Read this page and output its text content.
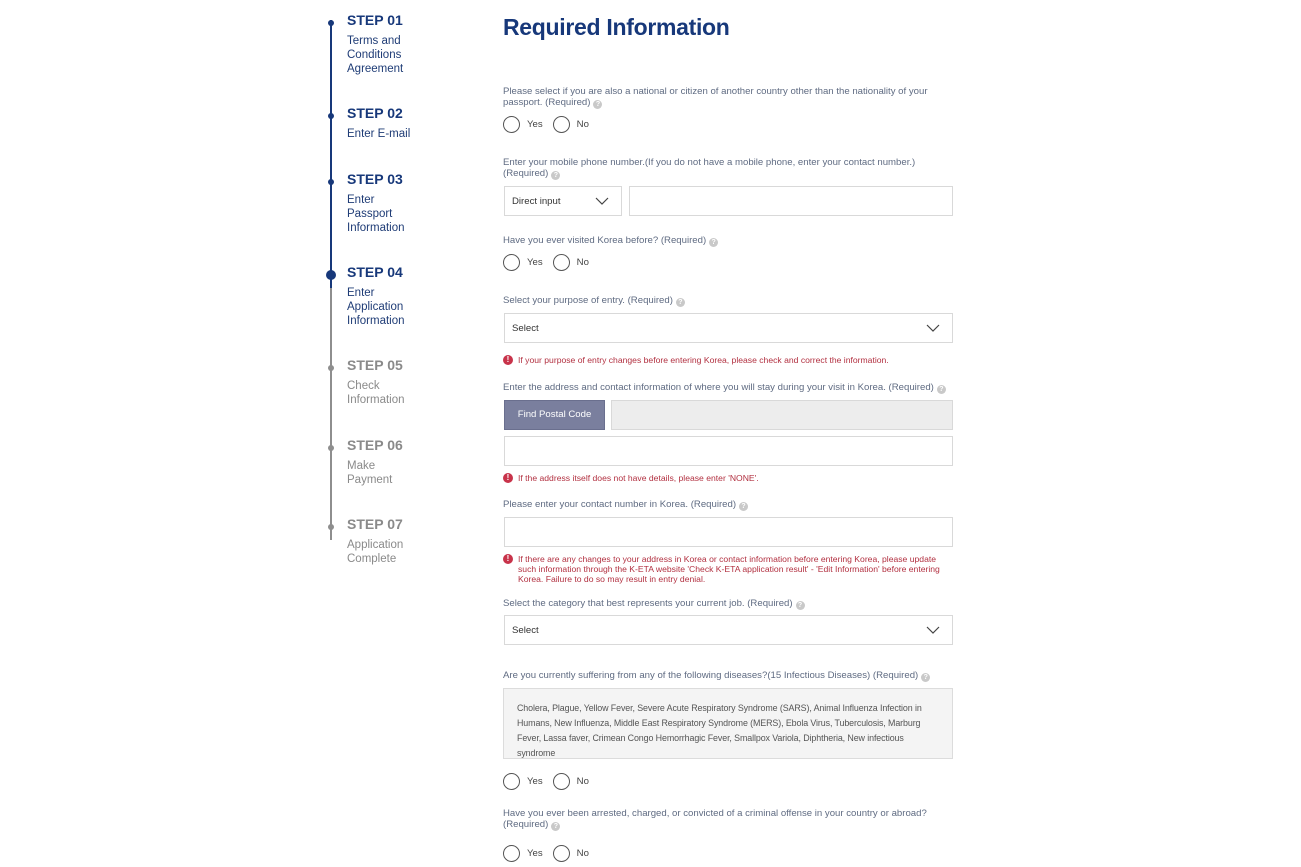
STEP 01
Terms and Conditions Agreement
STEP 02
Enter E-mail
STEP 03
Enter Passport Information
STEP 04
Enter Application Information
STEP 05
Check Information
STEP 06
Make Payment
STEP 07
Application Complete
Required Information
Please select if you are also a national or citizen of another country other than the nationality of your passport. (Required) ?
Yes	No
Enter your mobile phone number.(If you do not have a mobile phone, enter your contact number.) (Required) ?
Direct input
Have you ever visited Korea before? (Required) ?
Yes	No
Select your purpose of entry. (Required) ?
Select
!	If your purpose of entry changes before entering Korea, please check and correct the information.
Enter the address and contact information of where you will stay during your visit in Korea. (Required) ?
Find Postal Code
!	If the address itself does not have details, please enter 'NONE'.
Please enter your contact number in Korea. (Required) ?
!	If there are any changes to your address in Korea or contact information before entering Korea, please update such information through the K-ETA website 'Check K-ETA application result' - 'Edit Information' before entering Korea. Failure to do so may result in entry denial.
Select the category that best represents your current job. (Required) ?
Select
Are you currently suffering from any of the following diseases?(15 Infectious Diseases) (Required) ?
Cholera, Plague, Yellow Fever, Severe Acute Respiratory Syndrome (SARS), Animal Influenza Infection in Humans, New Influenza, Middle East Respiratory Syndrome (MERS), Ebola Virus, Tuberculosis, Marburg Fever, Lassa faver, Crimean Congo Hemorrhagic Fever, Smallpox Variola, Diphtheria, New infectious syndrome
Yes	No
Have you ever been arrested, charged, or convicted of a criminal offense in your country or abroad? (Required) ?
Yes	No
